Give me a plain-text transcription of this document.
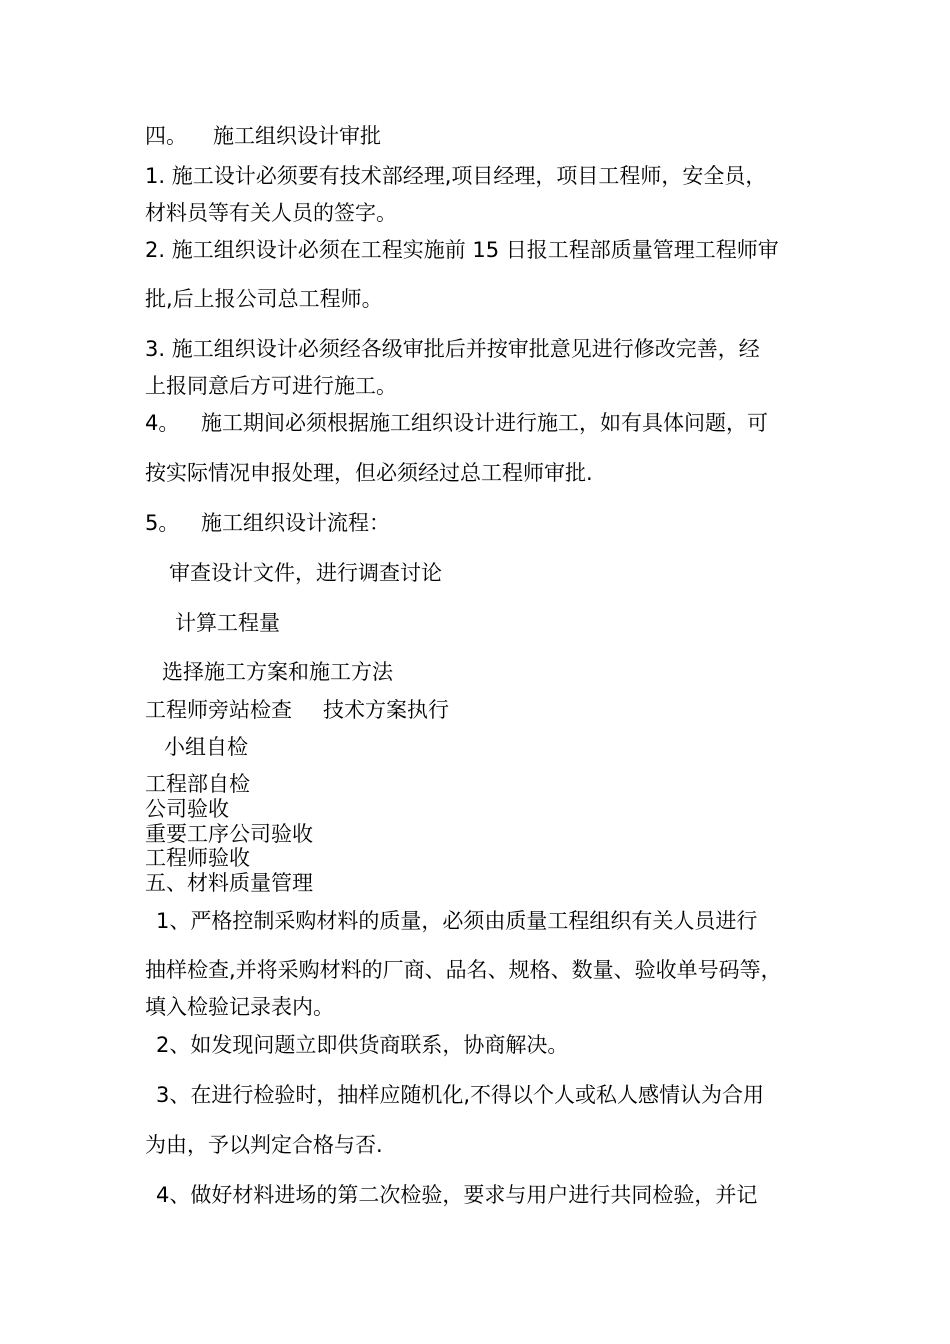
四。 施工组织设计审批

1. 施工设计必须要有技术部经理,项目经理，项目工程师，安全员，

材料员等有关人员的签字。

2. 施工组织设计必须在工程实施前 15 日报工程部质量管理工程师审

批,后上报公司总工程师。

3. 施工组织设计必须经各级审批后并按审批意见进行修改完善，经

上报同意后方可进行施工。

4。 施工期间必须根据施工组织设计进行施工，如有具体问题，可

按实际情况申报处理，但必须经过总工程师审批.

5。 施工组织设计流程：

审查设计文件，进行调查讨论

计算工程量

选择施工方案和施工方法

工程师旁站检查 技术方案执行

小组自检

工程部自检

公司验收

重要工序公司验收

工程师验收

五、材料质量管理

1、严格控制采购材料的质量，必须由质量工程组织有关人员进行

抽样检查,并将采购材料的厂商、品名、规格、数量、验收单号码等，

填入检验记录表内。

2、如发现问题立即供货商联系，协商解决。

3、在进行检验时，抽样应随机化,不得以个人或私人感情认为合用

为由，予以判定合格与否.

4、做好材料进场的第二次检验，要求与用户进行共同检验，并记
